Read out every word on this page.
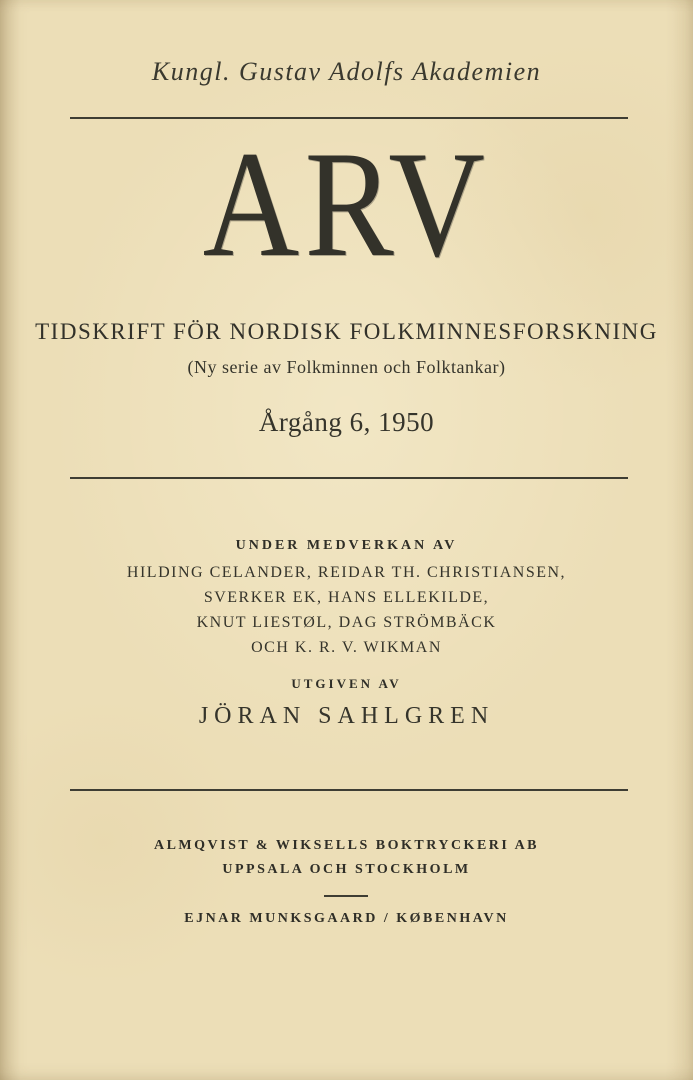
Kungl. Gustav Adolfs Akademien
ARV
TIDSKRIFT FÖR NORDISK FOLKMINNESFORSKNING
(Ny serie av Folkminnen och Folktankar)
Årgång 6, 1950
UNDER MEDVERKAN AV
HILDING CELANDER, REIDAR TH. CHRISTIANSEN,
SVERKER EK, HANS ELLEKILDE,
KNUT LIESTØL, DAG STRÖMBÄCK
OCH K. R. V. WIKMAN
UTGIVEN AV
JÖRAN SAHLGREN
ALMQVIST & WIKSELLS BOKTRYCKERI AB
UPPSALA OCH STOCKHOLM
EJNAR MUNKSGAARD / KØBENHAVN
